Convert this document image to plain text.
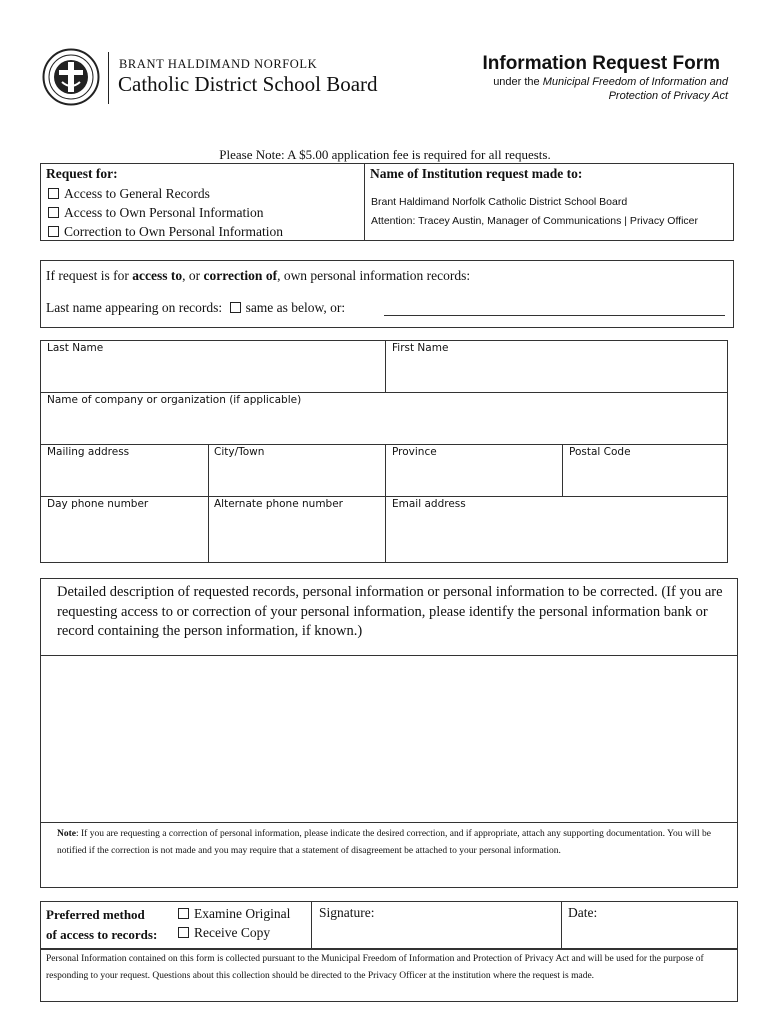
BRANT HALDIMAND NORFOLK
Catholic District School Board
Information Request Form
under the Municipal Freedom of Information and
Protection of Privacy Act
Please Note: A $5.00 application fee is required for all requests.
Request for:
Access to General Records
Access to Own Personal Information
Correction to Own Personal Information
Name of Institution request made to:
Brant Haldimand Norfolk Catholic District School Board
Attention: Tracey Austin, Manager of Communications | Privacy Officer
If request is for access to, or correction of, own personal information records:
Last name appearing on records: same as below, or:
Last Name	First Name
Name of company or organization (if applicable)
Mailing address	City/Town	Province	Postal Code
Day phone number	Alternate phone number	Email address
Detailed description of requested records, personal information or personal information to be corrected. (If you are requesting access to or correction of your personal information, please identify the personal information bank or record containing the person information, if known.)
Note: If you are requesting a correction of personal information, please indicate the desired correction, and if appropriate, attach any supporting documentation. You will be notified if the correction is not made and you may require that a statement of disagreement be attached to your personal information.
Preferred method
of access to records:
Examine Original
Receive Copy
Signature:	Date:
Personal Information contained on this form is collected pursuant to the Municipal Freedom of Information and Protection of Privacy Act and will be used for the purpose of responding to your request. Questions about this collection should be directed to the Privacy Officer at the institution where the request is made.
